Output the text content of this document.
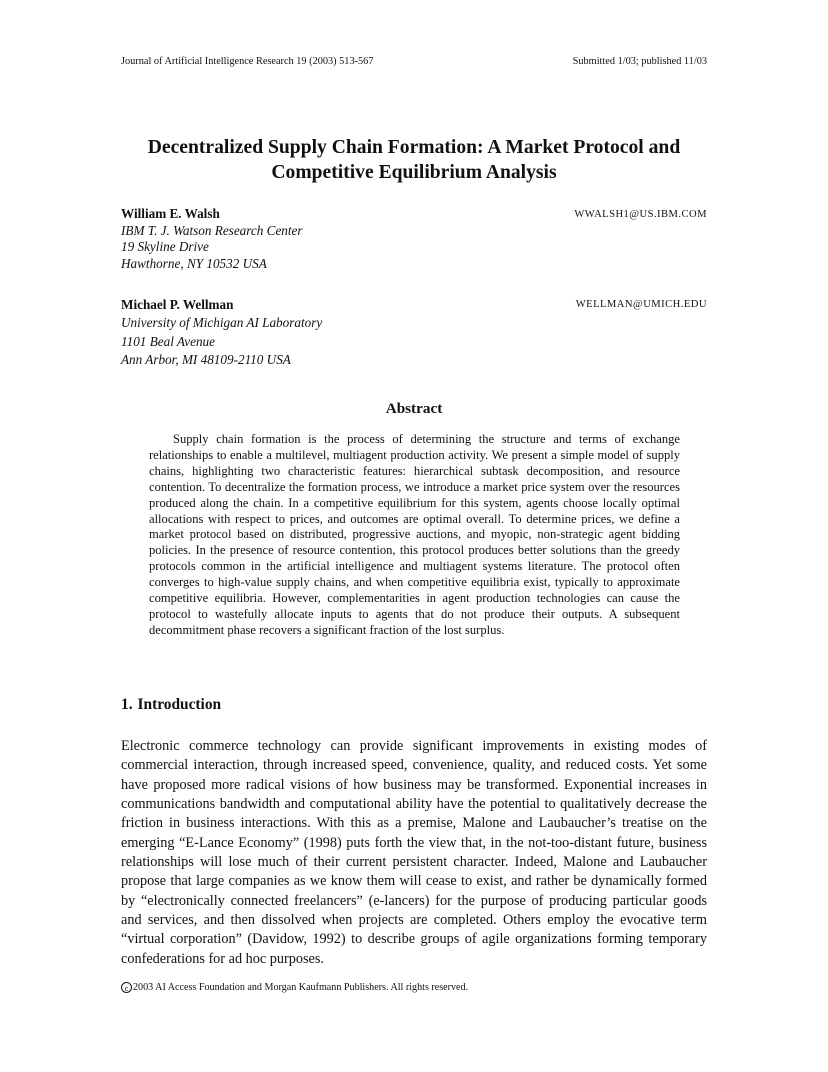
Journal of Artificial Intelligence Research 19 (2003) 513-567	Submitted 1/03; published 11/03
Decentralized Supply Chain Formation: A Market Protocol and
Competitive Equilibrium Analysis
William E. Walsh	WWALSH1@US.IBM.COM
IBM T. J. Watson Research Center
19 Skyline Drive
Hawthorne, NY 10532 USA
Michael P. Wellman	WELLMAN@UMICH.EDU
University of Michigan AI Laboratory
1101 Beal Avenue
Ann Arbor, MI 48109-2110 USA
Abstract

Supply chain formation is the process of determining the structure and terms of exchange relationships to enable a multilevel, multiagent production activity. We present a simple model of supply chains, highlighting two characteristic features: hierarchical subtask decomposition, and resource contention. To decentralize the formation process, we introduce a market price system over the resources produced along the chain. In a competitive equilibrium for this system, agents choose locally optimal allocations with respect to prices, and outcomes are optimal overall. To determine prices, we define a market protocol based on distributed, progressive auctions, and myopic, non-strategic agent bidding policies. In the presence of resource contention, this protocol produces better solutions than the greedy protocols common in the artificial intelligence and multiagent systems literature. The protocol often converges to high-value supply chains, and when competitive equilibria exist, typically to approximate competitive equilibria. However, complementarities in agent production technologies can cause the protocol to wastefully allocate inputs to agents that do not produce their outputs. A subsequent decommitment phase recovers a significant fraction of the lost surplus.

1. Introduction

Electronic commerce technology can provide significant improvements in existing modes of commercial interaction, through increased speed, convenience, quality, and reduced costs. Yet some have proposed more radical visions of how business may be transformed. Exponential increases in communications bandwidth and computational ability have the potential to qualitatively decrease the friction in business interactions. With this as a premise, Malone and Laubaucher’s treatise on the emerging “E-Lance Economy” (1998) puts forth the view that, in the not-too-distant future, business relationships will lose much of their current persistent character. Indeed, Malone and Laubaucher propose that large companies as we know them will cease to exist, and rather be dynamically formed by “electronically connected freelancers” (e-lancers) for the purpose of producing particular goods and services, and then dissolved when projects are completed. Others employ the evocative term “virtual corporation” (Davidow, 1992) to describe groups of agile organizations forming temporary confederations for ad hoc purposes.

c 2003 AI Access Foundation and Morgan Kaufmann Publishers. All rights reserved.
